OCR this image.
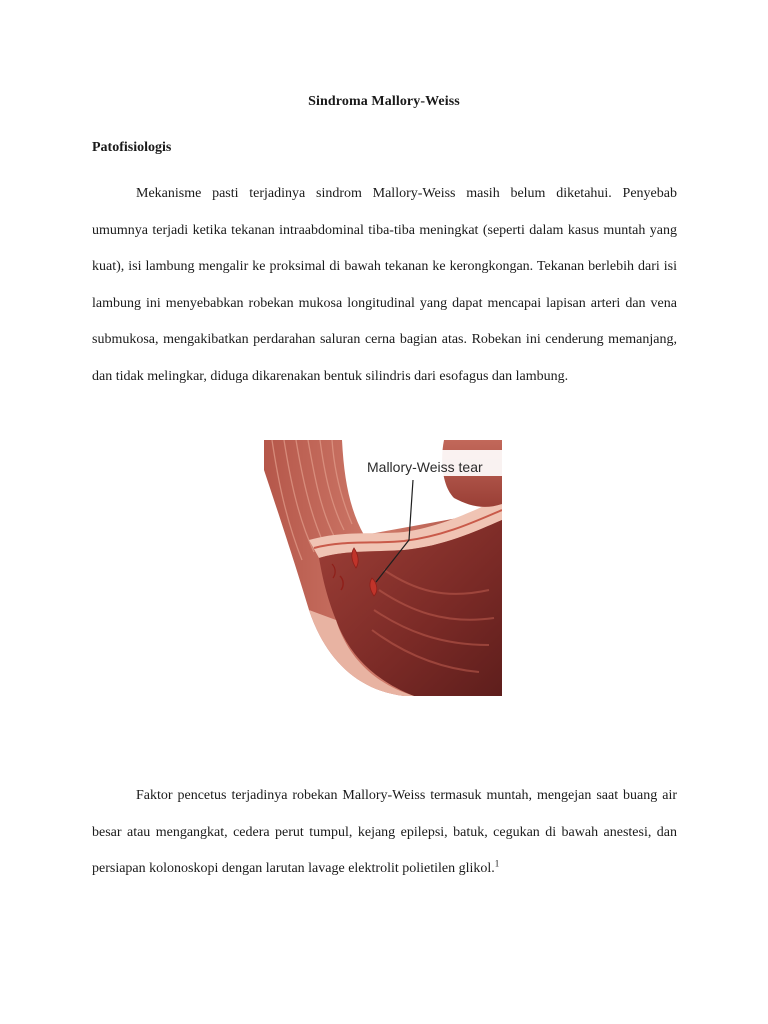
Sindroma Mallory-Weiss
Patofisiologis

Mekanisme pasti terjadinya sindrom Mallory-Weiss masih belum diketahui. Penyebab umumnya terjadi ketika tekanan intraabdominal tiba-tiba meningkat (seperti dalam kasus muntah yang kuat), isi lambung mengalir ke proksimal di bawah tekanan ke kerongkongan. Tekanan berlebih dari isi lambung ini menyebabkan robekan mukosa longitudinal yang dapat mencapai lapisan arteri dan vena submukosa, mengakibatkan perdarahan saluran cerna bagian atas. Robekan ini cenderung memanjang, dan tidak melingkar, diduga dikarenakan bentuk silindris dari esofagus dan lambung.

Mallory-Weiss tear

Faktor pencetus terjadinya robekan Mallory-Weiss termasuk muntah, mengejan saat buang air besar atau mengangkat, cedera perut tumpul, kejang epilepsi, batuk, cegukan di bawah anestesi, dan persiapan kolonoskopi dengan larutan lavage elektrolit polietilen glikol.$^1$
